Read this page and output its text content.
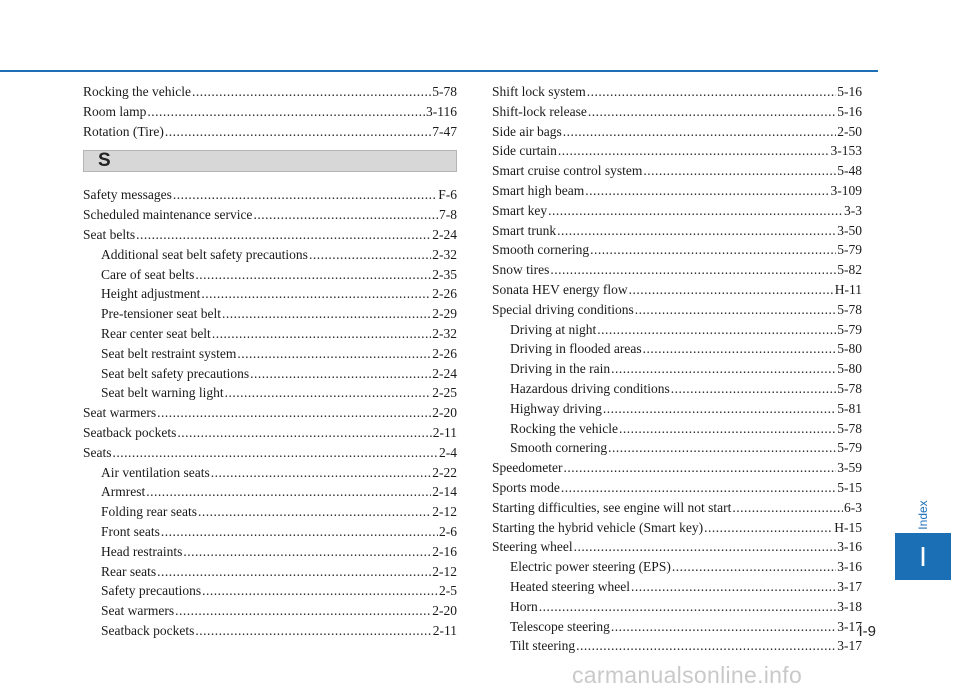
Rocking the vehicle .....	5-78
Room lamp .....	3-116
Rotation (Tire) .....	7-47
S
Safety messages .....	F-6
Scheduled maintenance service .....	7-8
Seat belts .....	2-24
Additional seat belt safety precautions .....	2-32
Care of seat belts .....	2-35
Height adjustment .....	2-26
Pre-tensioner seat belt .....	2-29
Rear center seat belt .....	2-32
Seat belt restraint system .....	2-26
Seat belt safety precautions .....	2-24
Seat belt warning light .....	2-25
Seat warmers .....	2-20
Seatback pockets .....	2-11
Seats .....	2-4
Air ventilation seats .....	2-22
Armrest .....	2-14
Folding rear seats .....	2-12
Front seats .....	2-6
Head restraints .....	2-16
Rear seats .....	2-12
Safety precautions .....	2-5
Seat warmers .....	2-20
Seatback pockets .....	2-11
Shift lock system .....	5-16
Shift-lock release .....	5-16
Side air bags .....	2-50
Side curtain .....	3-153
Smart cruise control system .....	5-48
Smart high beam .....	3-109
Smart key .....	3-3
Smart trunk .....	3-50
Smooth cornering .....	5-79
Snow tires .....	5-82
Sonata HEV energy flow .....	H-11
Special driving conditions .....	5-78
Driving at night .....	5-79
Driving in flooded areas .....	5-80
Driving in the rain .....	5-80
Hazardous driving conditions .....	5-78
Highway driving .....	5-81
Rocking the vehicle .....	5-78
Smooth cornering .....	5-79
Speedometer .....	3-59
Sports mode .....	5-15
Starting difficulties, see engine will not start .....	6-3
Starting the hybrid vehicle (Smart key) .....	H-15
Steering wheel .....	3-16
Electric power steering (EPS) .....	3-16
Heated steering wheel .....	3-17
Horn .....	3-18
Telescope steering .....	3-17
Tilt steering .....	3-17
Index
I
I-9
carmanualsonline.info
